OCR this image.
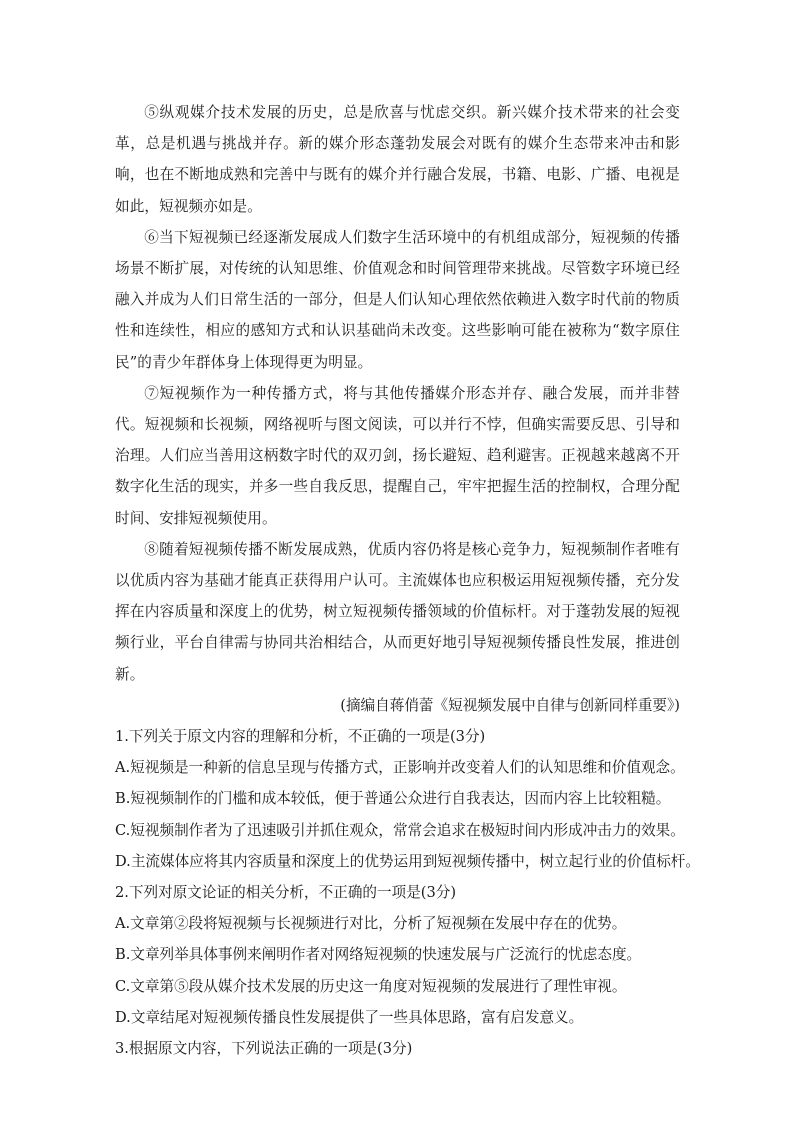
⑤纵观媒介技术发展的历史，总是欣喜与忧虑交织。新兴媒介技术带来的社会变革，总是机遇与挑战并存。新的媒介形态蓬勃发展会对既有的媒介生态带来冲击和影响，也在不断地成熟和完善中与既有的媒介并行融合发展，书籍、电影、广播、电视是如此，短视频亦如是。

⑥当下短视频已经逐渐发展成人们数字生活环境中的有机组成部分，短视频的传播场景不断扩展，对传统的认知思维、价值观念和时间管理带来挑战。尽管数字环境已经融入并成为人们日常生活的一部分，但是人们认知心理依然依赖进入数字时代前的物质性和连续性，相应的感知方式和认识基础尚未改变。这些影响可能在被称为“数字原住民”的青少年群体身上体现得更为明显。

⑦短视频作为一种传播方式，将与其他传播媒介形态并存、融合发展，而并非替代。短视频和长视频，网络视听与图文阅读，可以并行不悖，但确实需要反思、引导和治理。人们应当善用这柄数字时代的双刃剑，扬长避短、趋利避害。正视越来越离不开数字化生活的现实，并多一些自我反思，提醒自己，牢牢把握生活的控制权，合理分配时间、安排短视频使用。

⑧随着短视频传播不断发展成熟，优质内容仍将是核心竞争力，短视频制作者唯有以优质内容为基础才能真正获得用户认可。主流媒体也应积极运用短视频传播，充分发挥在内容质量和深度上的优势，树立短视频传播领域的价值标杆。对于蓬勃发展的短视频行业，平台自律需与协同共治相结合，从而更好地引导短视频传播良性发展，推进创新。

(摘编自蒋俏蕾《短视频发展中自律与创新同样重要》)

1.下列关于原文内容的理解和分析，不正确的一项是(3分)

A.短视频是一种新的信息呈现与传播方式，正影响并改变着人们的认知思维和价值观念。

B.短视频制作的门槛和成本较低，便于普通公众进行自我表达，因而内容上比较粗糙。

C.短视频制作者为了迅速吸引并抓住观众，常常会追求在极短时间内形成冲击力的效果。

D.主流媒体应将其内容质量和深度上的优势运用到短视频传播中，树立起行业的价值标杆。

2.下列对原文论证的相关分析，不正确的一项是(3分)

A.文章第②段将短视频与长视频进行对比，分析了短视频在发展中存在的优势。

B.文章列举具体事例来阐明作者对网络短视频的快速发展与广泛流行的忧虑态度。

C.文章第⑤段从媒介技术发展的历史这一角度对短视频的发展进行了理性审视。

D.文章结尾对短视频传播良性发展提供了一些具体思路，富有启发意义。

3.根据原文内容，下列说法正确的一项是(3分)
